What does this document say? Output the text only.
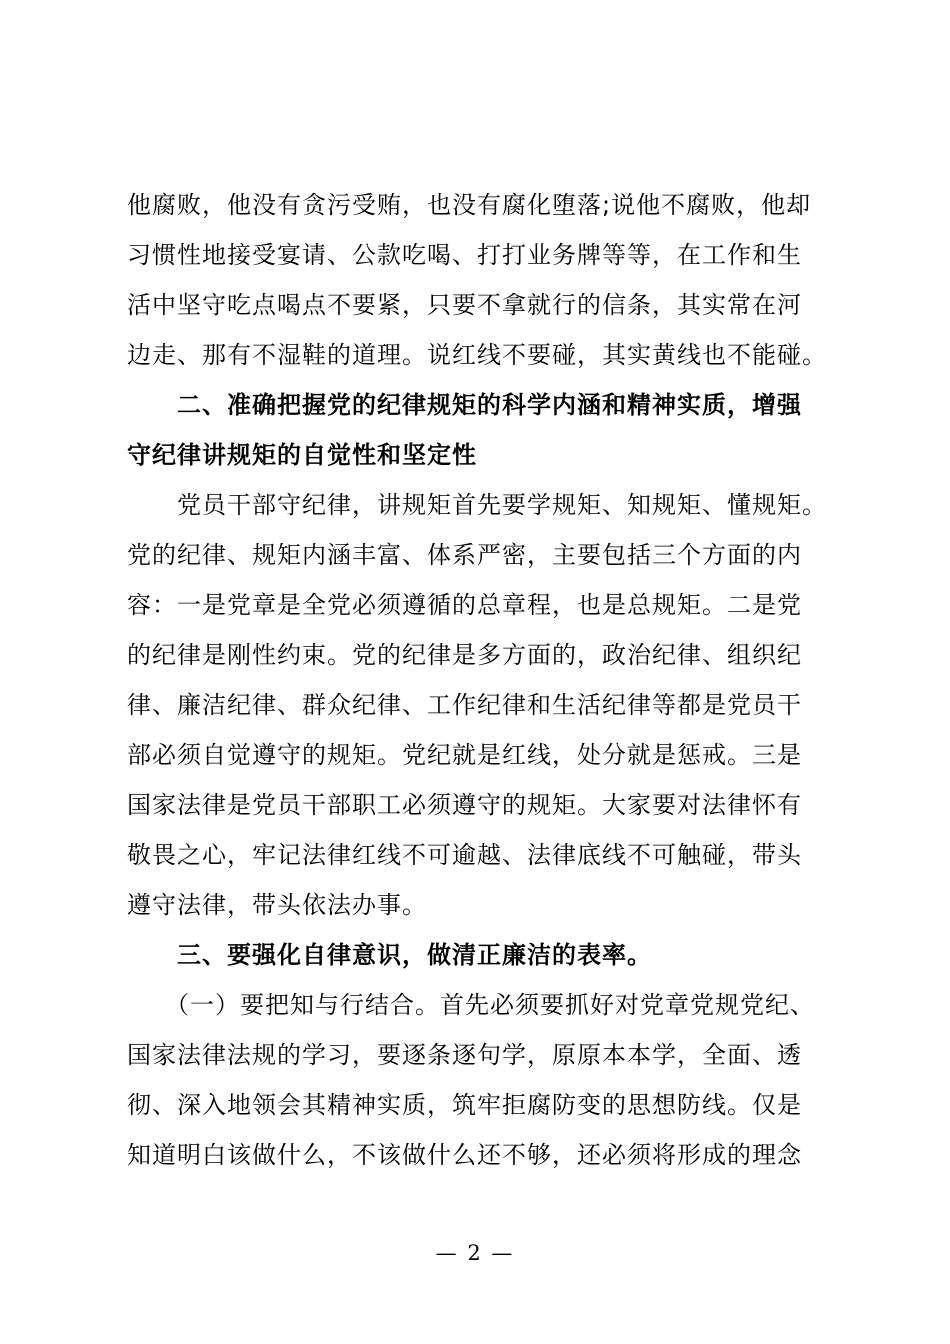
他腐败，他没有贪污受贿，也没有腐化堕落;说他不腐败，他却
习惯性地接受宴请、公款吃喝、打打业务牌等等，在工作和生
活中坚守吃点喝点不要紧，只要不拿就行的信条，其实常在河
边走、那有不湿鞋的道理。说红线不要碰，其实黄线也不能碰。
二、准确把握党的纪律规矩的科学内涵和精神实质，增强
守纪律讲规矩的自觉性和坚定性
党员干部守纪律，讲规矩首先要学规矩、知规矩、懂规矩。
党的纪律、规矩内涵丰富、体系严密，主要包括三个方面的内
容：一是党章是全党必须遵循的总章程，也是总规矩。二是党
的纪律是刚性约束。党的纪律是多方面的，政治纪律、组织纪
律、廉洁纪律、群众纪律、工作纪律和生活纪律等都是党员干
部必须自觉遵守的规矩。党纪就是红线，处分就是惩戒。三是
国家法律是党员干部职工必须遵守的规矩。大家要对法律怀有
敬畏之心，牢记法律红线不可逾越、法律底线不可触碰，带头
遵守法律，带头依法办事。
三、要强化自律意识，做清正廉洁的表率。
（一）要把知与行结合。首先必须要抓好对党章党规党纪、
国家法律法规的学习，要逐条逐句学，原原本本学，全面、透
彻、深入地领会其精神实质，筑牢拒腐防变的思想防线。仅是
知道明白该做什么，不该做什么还不够，还必须将形成的理念
— 2 —
